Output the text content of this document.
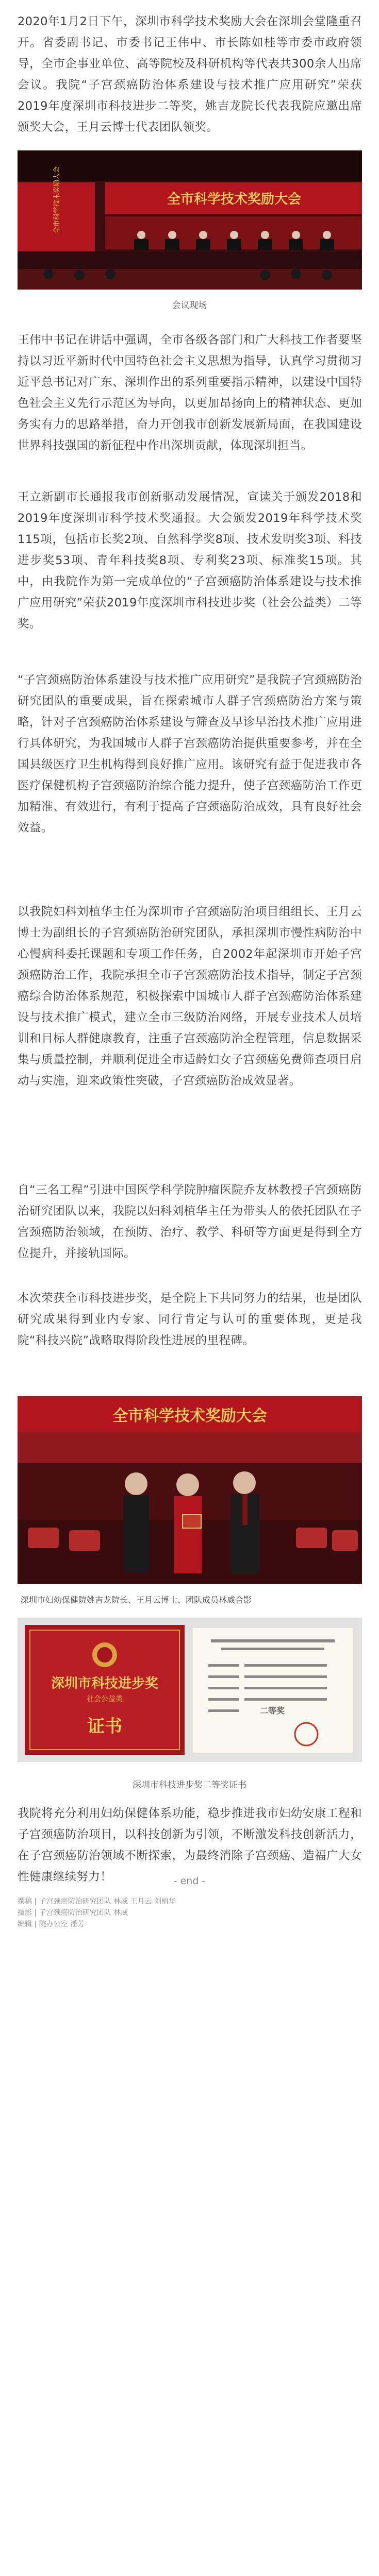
2020年1月2日下午，深圳市科学技术奖励大会在深圳会堂隆重召开。省委副书记、市委书记王伟中、市长陈如桂等市委市政府领导，全市企事业单位、高等院校及科研机构等代表共300余人出席会议。我院“子宫颈癌防治体系建设与技术推广应用研究”荣获2019年度深圳市科技进步二等奖，姚吉龙院长代表我院应邀出席颁奖大会，王月云博士代表团队领奖。

全市科学技术奖励大会	全市科学技术奖励大会
会议现场

王伟中书记在讲话中强调，全市各级各部门和广大科技工作者要坚持以习近平新时代中国特色社会主义思想为指导，认真学习贯彻习近平总书记对广东、深圳作出的系列重要指示精神，以建设中国特色社会主义先行示范区为导向，以更加昂扬向上的精神状态、更加务实有力的思路举措，奋力开创我市创新发展新局面，在我国建设世界科技强国的新征程中作出深圳贡献，体现深圳担当。

王立新副市长通报我市创新驱动发展情况，宣读关于颁发2018和2019年度深圳市科学技术奖通报。大会颁发2019年科学技术奖115项，包括市长奖2项、自然科学奖8项、技术发明奖3项、科技进步奖53项、青年科技奖8项、专利奖23项、标准奖15项。其中，由我院作为第一完成单位的“子宫颈癌防治体系建设与技术推广应用研究”荣获2019年度深圳市科技进步奖（社会公益类）二等奖。

“子宫颈癌防治体系建设与技术推广应用研究”是我院子宫颈癌防治研究团队的重要成果，旨在探索城市人群子宫颈癌防治方案与策略，针对子宫颈癌防治体系建设与筛查及早诊早治技术推广应用进行具体研究，为我国城市人群子宫颈癌防治提供重要参考，并在全国县级医疗卫生机构得到良好推广应用。该研究有益于促进我市各医疗保健机构子宫颈癌防治综合能力提升，使子宫颈癌防治工作更加精准、有效进行，有利于提高子宫颈癌防治成效，具有良好社会效益。

以我院妇科刘植华主任为深圳市子宫颈癌防治项目组组长、王月云博士为副组长的子宫颈癌防治研究团队，承担深圳市慢性病防治中心慢病科委托课题和专项工作任务，自2002年起深圳市开始子宫颈癌防治工作，我院承担全市子宫颈癌防治技术指导，制定子宫颈癌综合防治体系规范，积极探索中国城市人群子宫颈癌防治体系建设与技术推广模式，建立全市三级防治网络，开展专业技术人员培训和目标人群健康教育，注重子宫颈癌防治全程管理，信息数据采集与质量控制，并顺利促进全市适龄妇女子宫颈癌免费筛查项目启动与实施，迎来政策性突破，子宫颈癌防治成效显著。

自“三名工程”引进中国医学科学院肿瘤医院乔友林教授子宫颈癌防治研究团队以来，我院以妇科刘植华主任为带头人的依托团队在子宫颈癌防治领域，在预防、治疗、教学、科研等方面更是得到全方位提升，并接轨国际。

本次荣获全市科技进步奖，是全院上下共同努力的结果，也是团队研究成果得到业内专家、同行肯定与认可的重要体现，更是我院“科技兴院”战略取得阶段性进展的里程碑。

全市科学技术奖励大会
深圳市妇幼保健院姚吉龙院长、王月云博士、团队成员林威合影
深圳市科技进步奖
社会公益类
证书
二等奖
深圳市科技进步奖二等奖证书

我院将充分利用妇幼保健体系功能，稳步推进我市妇幼安康工程和子宫颈癌防治项目，以科技创新为引领，不断激发科技创新活力，在子宫颈癌防治领域不断探索，为最终消除子宫颈癌、造福广大女性健康继续努力！	- end -
撰稿 | 子宫颈癌防治研究团队 林威 王月云 刘植华
摄影 | 子宫颈癌防治研究团队 林威
编辑 | 院办公室 潘芳
